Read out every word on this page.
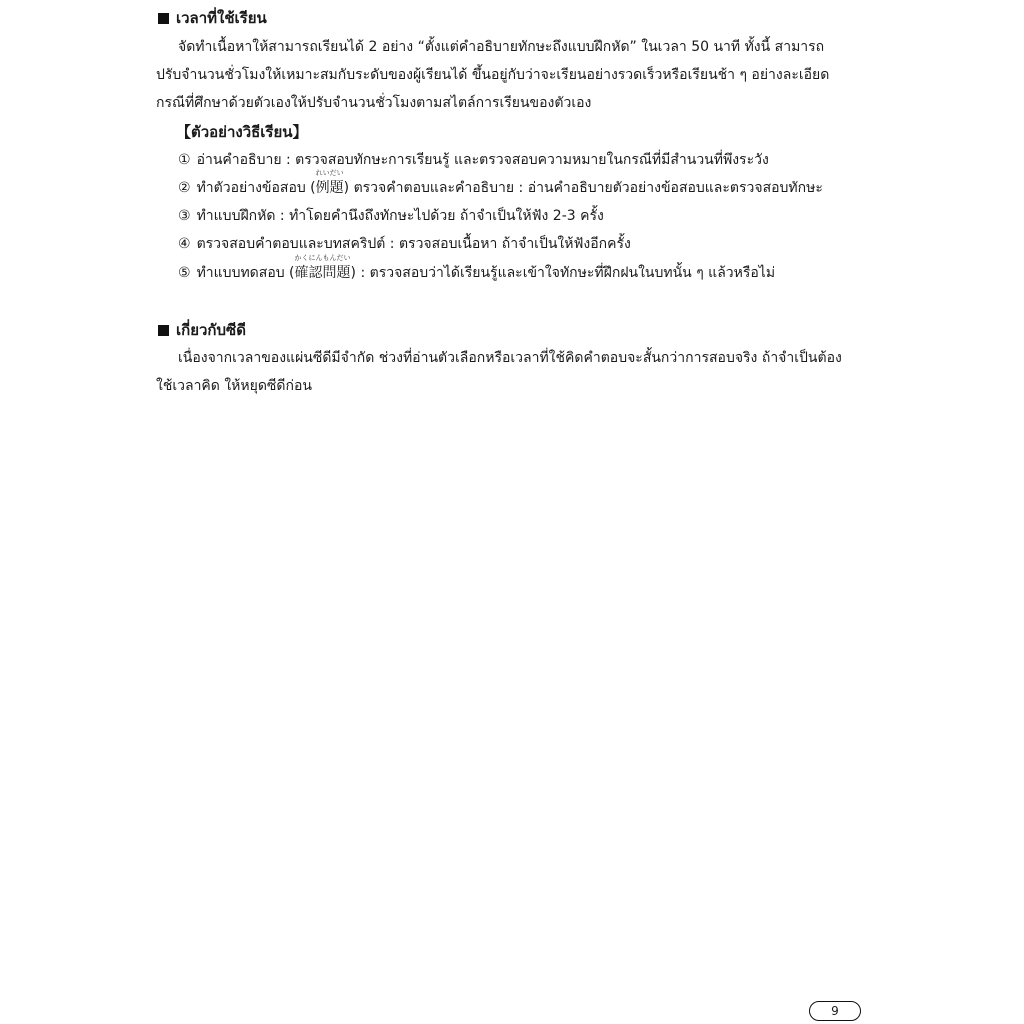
เวลาที่ใช้เรียน
จัดทำเนื้อหาให้สามารถเรียนได้ 2 อย่าง “ตั้งแต่คำอธิบายทักษะถึงแบบฝึกหัด” ในเวลา 50 นาที ทั้งนี้ สามารถ
ปรับจำนวนชั่วโมงให้เหมาะสมกับระดับของผู้เรียนได้ ขึ้นอยู่กับว่าจะเรียนอย่างรวดเร็วหรือเรียนช้า ๆ อย่างละเอียด
กรณีที่ศึกษาด้วยตัวเองให้ปรับจำนวนชั่วโมงตามสไตล์การเรียนของตัวเอง
【ตัวอย่างวิธีเรียน】
① อ่านคำอธิบาย : ตรวจสอบทักษะการเรียนรู้ และตรวจสอบความหมายในกรณีที่มีสำนวนที่พึงระวัง
② ทำตัวอย่างข้อสอบ (
れいだい
例題) ตรวจคำตอบและคำอธิบาย : อ่านคำอธิบายตัวอย่างข้อสอบและตรวจสอบทักษะ
③ ทำแบบฝึกหัด : ทำโดยคำนึงถึงทักษะไปด้วย ถ้าจำเป็นให้ฟัง 2-3 ครั้ง
④ ตรวจสอบคำตอบและบทสคริปต์ : ตรวจสอบเนื้อหา ถ้าจำเป็นให้ฟังอีกครั้ง
⑤ ทำแบบทดสอบ (
かくにんもんだい
確認問題) : ตรวจสอบว่าได้เรียนรู้และเข้าใจทักษะที่ฝึกฝนในบทนั้น ๆ แล้วหรือไม่
เกี่ยวกับซีดี
เนื่องจากเวลาของแผ่นซีดีมีจำกัด ช่วงที่อ่านตัวเลือกหรือเวลาที่ใช้คิดคำตอบจะสั้นกว่าการสอบจริง ถ้าจำเป็นต้อง
ใช้เวลาคิด ให้หยุดซีดีก่อน
9
